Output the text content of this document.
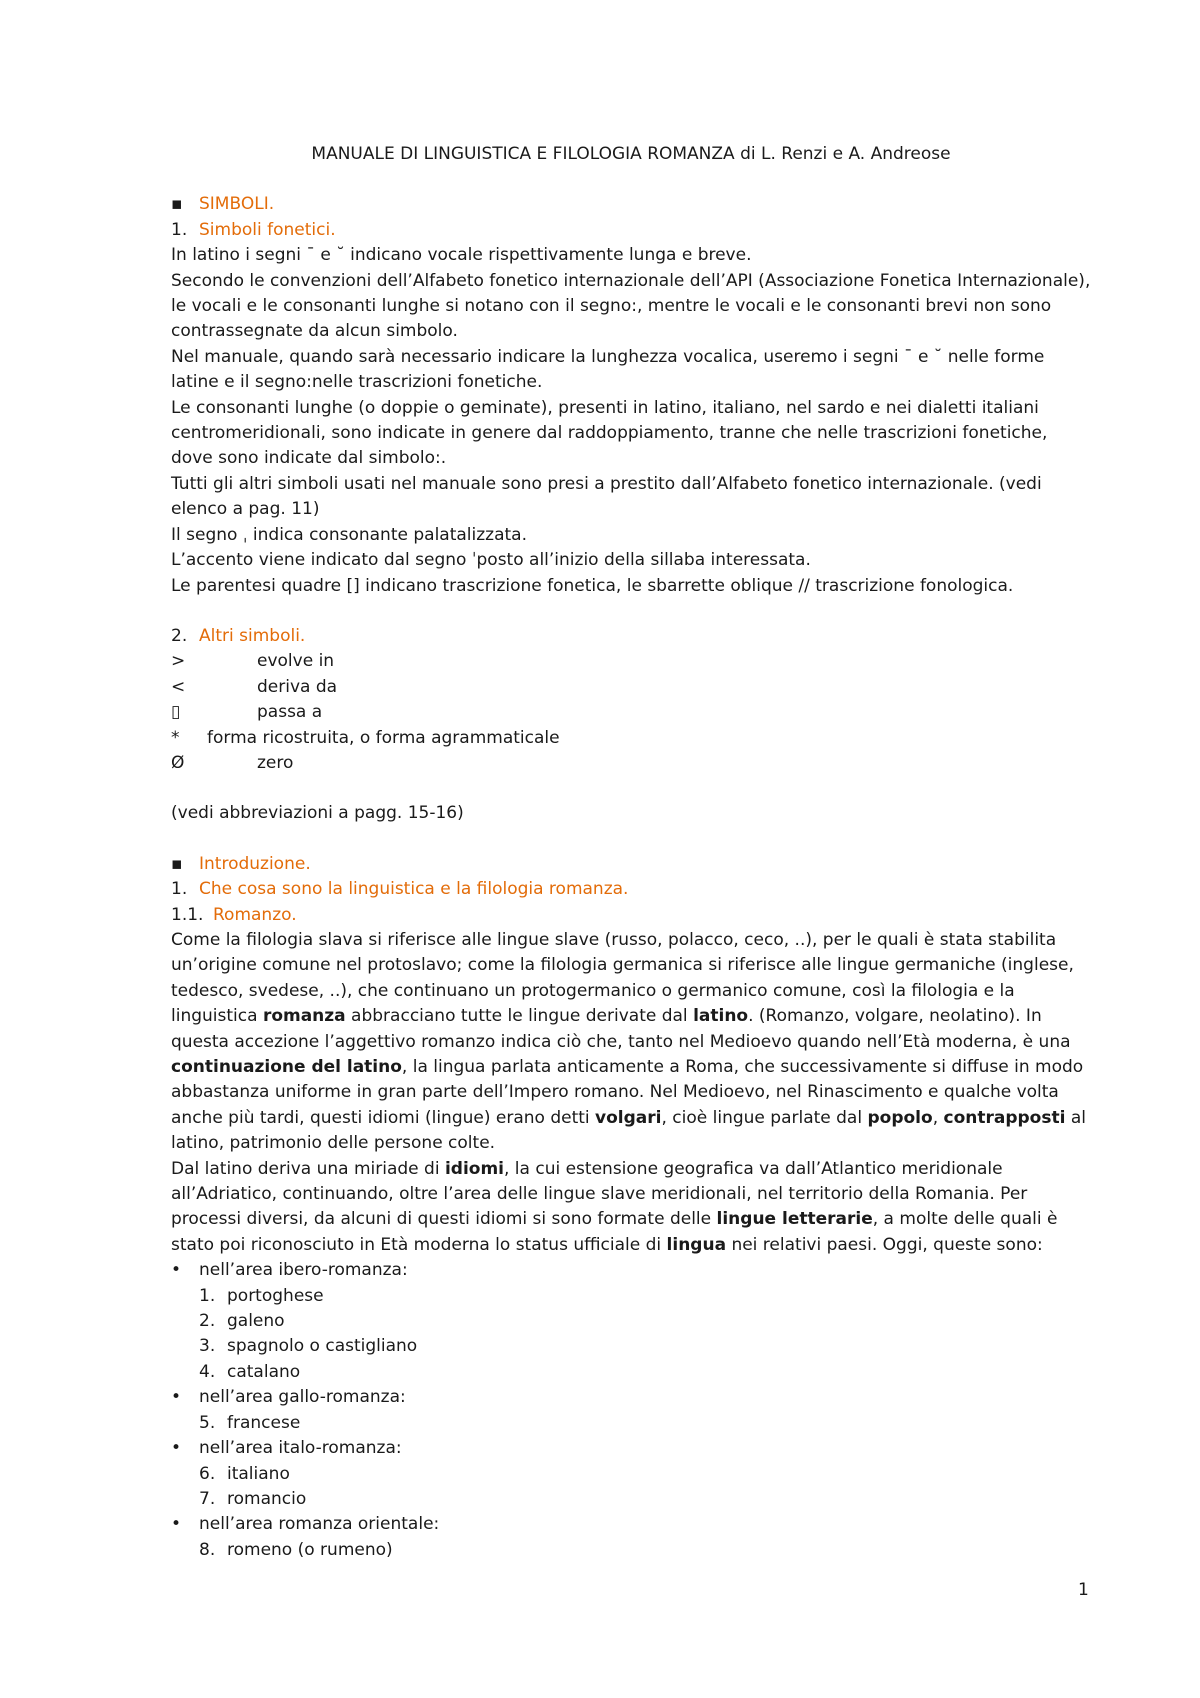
MANUALE DI LINGUISTICA E FILOLOGIA ROMANZA di L. Renzi e A. Andreose

▪ SIMBOLI.
1. Simboli fonetici.

In latino i segni ¯ e ˘ indicano vocale rispettivamente lunga e breve.

Secondo le convenzioni dell’Alfabeto fonetico internazionale dell’API (Associazione Fonetica Internazionale), le vocali e le consonanti lunghe si notano con il segno:, mentre le vocali e le consonanti brevi non sono contrassegnate da alcun simbolo.

Nel manuale, quando sarà necessario indicare la lunghezza vocalica, useremo i segni ¯ e ˘ nelle forme latine e il segno:nelle trascrizioni fonetiche.

Le consonanti lunghe (o doppie o geminate), presenti in latino, italiano, nel sardo e nei dialetti italiani centromeridionali, sono indicate in genere dal raddoppiamento, tranne che nelle trascrizioni fonetiche, dove sono indicate dal simbolo:.

Tutti gli altri simboli usati nel manuale sono presi a prestito dall’Alfabeto fonetico internazionale. (vedi elenco a pag. 11)

Il segno ˌ indica consonante palatalizzata.

L’accento viene indicato dal segno ˈposto all’inizio della sillaba interessata.

Le parentesi quadre [] indicano trascrizione fonetica, le sbarrette oblique // trascrizione fonologica.

2. Altri simboli.
>	evolve in
<	deriva da
▯	passa a
*	forma ricostruita, o forma agrammaticale
Ø	zero

(vedi abbreviazioni a pagg. 15-16)

▪ Introduzione.
1. Che cosa sono la linguistica e la filologia romanza.
1.1. Romanzo.

Come la filologia slava si riferisce alle lingue slave (russo, polacco, ceco, ..), per le quali è stata stabilita un’origine comune nel protoslavo; come la filologia germanica si riferisce alle lingue germaniche (inglese, tedesco, svedese, ..), che continuano un protogermanico o germanico comune, così la filologia e la linguistica romanza abbracciano tutte le lingue derivate dal latino. (Romanzo, volgare, neolatino). In questa accezione l’aggettivo romanzo indica ciò che, tanto nel Medioevo quando nell’Età moderna, è una continuazione del latino, la lingua parlata anticamente a Roma, che successivamente si diffuse in modo abbastanza uniforme in gran parte dell’Impero romano. Nel Medioevo, nel Rinascimento e qualche volta anche più tardi, questi idiomi (lingue) erano detti volgari, cioè lingue parlate dal popolo, contrapposti al latino, patrimonio delle persone colte.

Dal latino deriva una miriade di idiomi, la cui estensione geografica va dall’Atlantico meridionale all’Adriatico, continuando, oltre l’area delle lingue slave meridionali, nel territorio della Romania. Per processi diversi, da alcuni di questi idiomi si sono formate delle lingue letterarie, a molte delle quali è stato poi riconosciuto in Età moderna lo status ufficiale di lingua nei relativi paesi. Oggi, queste sono:

•	nell’area ibero-romanza:
1. portoghese
2. galeno
3. spagnolo o castigliano
4. catalano
•	nell’area gallo-romanza:
5. francese
•	nell’area italo-romanza:
6. italiano
7. romancio
•	nell’area romanza orientale:
8. romeno (o rumeno)
1
